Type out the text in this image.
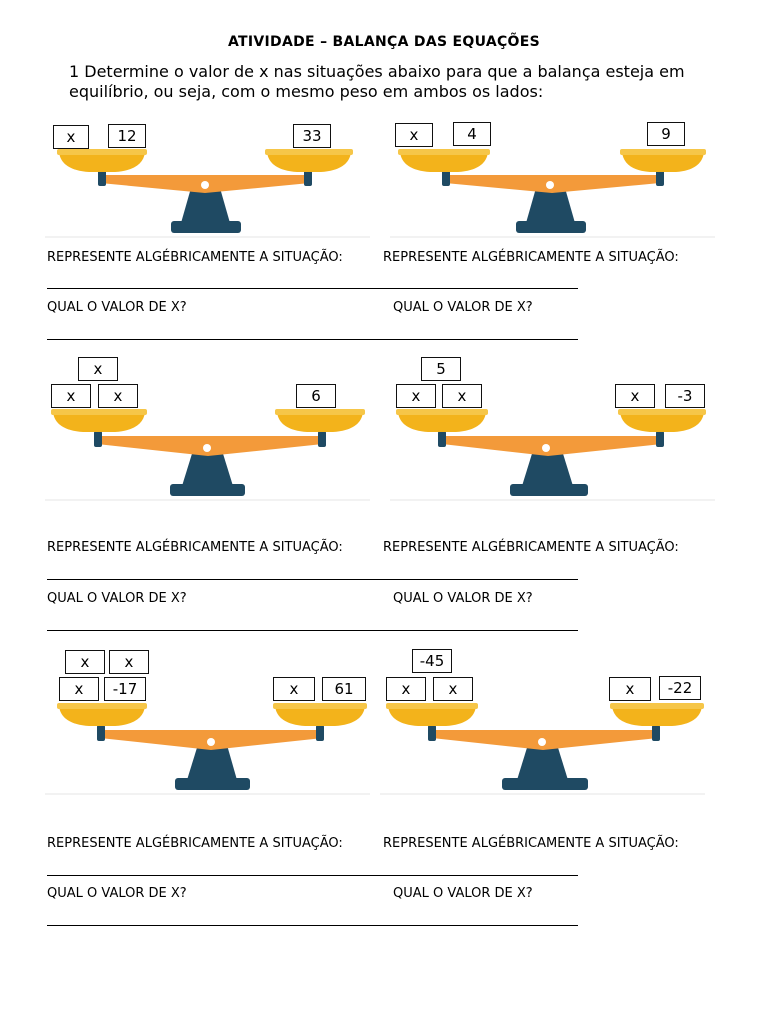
ATIVIDADE – BALANÇA DAS EQUAÇÕES
1 Determine o valor de x nas situações abaixo para que a balança esteja em equilíbrio, ou seja, com o mesmo peso em ambos os lados:
x	12	33	x	4	9
REPRESENTE ALGÉBRICAMENTE A SITUAÇÃO:	REPRESENTE ALGÉBRICAMENTE A SITUAÇÃO:
QUAL O VALOR DE X?	QUAL O VALOR DE X?
x
x	x	6
5
x	x	x	-3
REPRESENTE ALGÉBRICAMENTE A SITUAÇÃO:	REPRESENTE ALGÉBRICAMENTE A SITUAÇÃO:
QUAL O VALOR DE X?	QUAL O VALOR DE X?
x	x
x	-17	x	61
-45
x	x	x	-22
REPRESENTE ALGÉBRICAMENTE A SITUAÇÃO:	REPRESENTE ALGÉBRICAMENTE A SITUAÇÃO:
QUAL O VALOR DE X?	QUAL O VALOR DE X?
